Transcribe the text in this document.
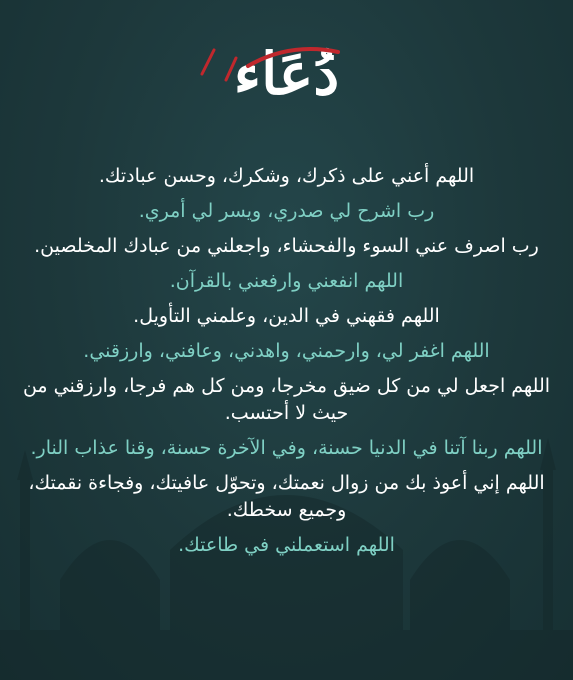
دُعَاء
اللهم أعني على ذكرك، وشكرك، وحسن عبادتك.
رب اشرح لي صدري، ويسر لي أمري.
رب اصرف عني السوء والفحشاء، واجعلني من عبادك المخلصين.
اللهم انفعني وارفعني بالقرآن.
اللهم فقهني في الدين، وعلمني التأويل.
اللهم اغفر لي، وارحمني، واهدني، وعافني، وارزقني.
اللهم اجعل لي من كل ضيق مخرجا، ومن كل هم فرجا، وارزقني من حيث لا أحتسب.
اللهم ربنا آتنا في الدنيا حسنة، وفي الآخرة حسنة، وقنا عذاب النار.
اللهم إني أعوذ بك من زوال نعمتك، وتحوّل عافيتك، وفجاءة نقمتك، وجميع سخطك.
اللهم استعملني في طاعتك.
